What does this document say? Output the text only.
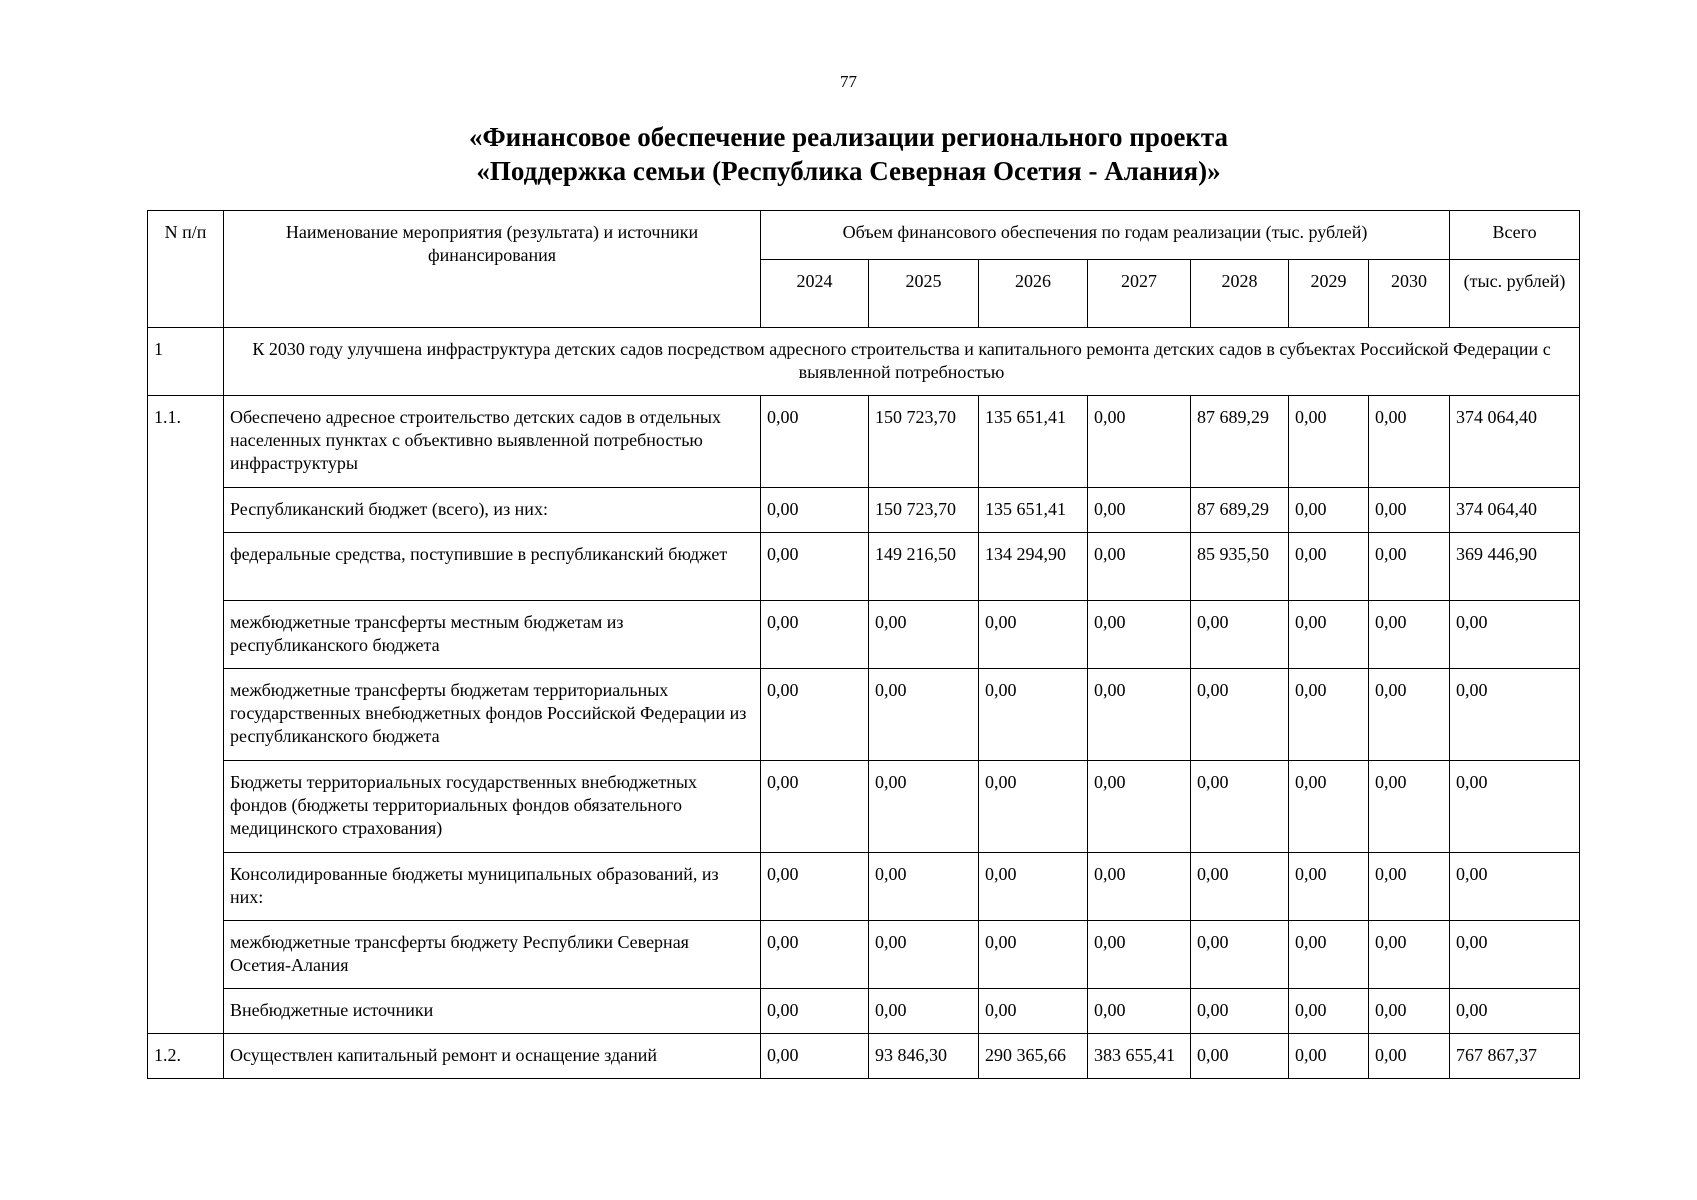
77
«Финансовое обеспечение реализации регионального проекта
«Поддержка семьи (Республика Северная Осетия - Алания)»
N п/п	Наименование мероприятия (результата) и источники финансирования	Объем финансового обеспечения по годам реализации (тыс. рублей)							Всего
		2024	2025	2026	2027	2028	2029	2030	(тыс. рублей)
1	К 2030 году улучшена инфраструктура детских садов посредством адресного строительства и капитального ремонта детских садов в субъектах Российской Федерации с выявленной потребностью								
1.1.	Обеспечено адресное строительство детских садов в отдельных населенных пунктах с объективно выявленной потребностью инфраструктуры	0,00	150 723,70	135 651,41	0,00	87 689,29	0,00	0,00	374 064,40
	Республиканский бюджет (всего), из них:	0,00	150 723,70	135 651,41	0,00	87 689,29	0,00	0,00	374 064,40
	федеральные средства, поступившие в республиканский бюджет	0,00	149 216,50	134 294,90	0,00	85 935,50	0,00	0,00	369 446,90
	межбюджетные трансферты местным бюджетам из республиканского бюджета	0,00	0,00	0,00	0,00	0,00	0,00	0,00	0,00
	межбюджетные трансферты бюджетам территориальных государственных внебюджетных фондов Российской Федерации из республиканского бюджета	0,00	0,00	0,00	0,00	0,00	0,00	0,00	0,00
	Бюджеты территориальных государственных внебюджетных фондов (бюджеты территориальных фондов обязательного медицинского страхования)	0,00	0,00	0,00	0,00	0,00	0,00	0,00	0,00
	Консолидированные бюджеты муниципальных образований, из них:	0,00	0,00	0,00	0,00	0,00	0,00	0,00	0,00
	межбюджетные трансферты бюджету Республики Северная Осетия-Алания	0,00	0,00	0,00	0,00	0,00	0,00	0,00	0,00
	Внебюджетные источники	0,00	0,00	0,00	0,00	0,00	0,00	0,00	0,00
1.2.	Осуществлен капитальный ремонт и оснащение зданий	0,00	93 846,30	290 365,66	383 655,41	0,00	0,00	0,00	767 867,37
